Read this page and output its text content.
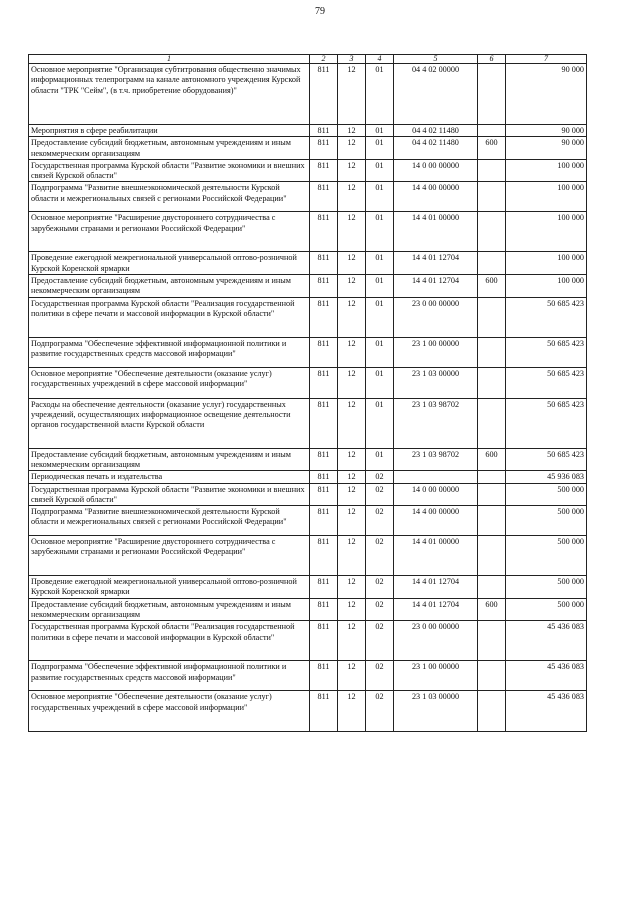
79
1	2	3	4	5	6	7
Основное мероприятие "Организация субтитрования общественно значимых информационных телепрограмм на канале автономного учреждения Курской области "ТРК "Сейм", (в т.ч. приобретение оборудования)"	811	12	01	04 4 02 00000		90 000
Мероприятия в сфере реабилитации	811	12	01	04 4 02 11480		90 000
Предоставление субсидий бюджетным, автономным учреждениям и иным некоммерческим организациям	811	12	01	04 4 02 11480	600	90 000
Государственная программа Курской области "Развитие экономики и внешних связей Курской области"	811	12	01	14 0 00 00000		100 000
Подпрограмма "Развитие внешнеэкономической деятельности Курской области и межрегиональных связей с регионами Российской Федерации"	811	12	01	14 4 00 00000		100 000
Основное мероприятие "Расширение двустороннего сотрудничества с зарубежными странами и регионами Российской Федерации"	811	12	01	14 4 01 00000		100 000
Проведение ежегодной межрегиональной универсальной оптово-розничной Курской Коренской ярмарки	811	12	01	14 4 01 12704		100 000
Предоставление субсидий бюджетным, автономным учреждениям и иным некоммерческим организациям	811	12	01	14 4 01 12704	600	100 000
Государственная программа Курской области "Реализация государственной политики в сфере печати и массовой информации в Курской области"	811	12	01	23 0 00 00000		50 685 423
Подпрограмма "Обеспечение эффективной информационной политики и развитие государственных средств массовой информации"	811	12	01	23 1 00 00000		50 685 423
Основное мероприятие "Обеспечение деятельности (оказание услуг) государственных учреждений в сфере массовой информации"	811	12	01	23 1 03 00000		50 685 423
Расходы на обеспечение деятельности (оказание услуг) государственных учреждений, осуществляющих информационное освещение деятельности органов государственной власти Курской области	811	12	01	23 1 03 98702		50 685 423
Предоставление субсидий бюджетным, автономным учреждениям и иным некоммерческим организациям	811	12	01	23 1 03 98702	600	50 685 423
Периодическая печать и издательства	811	12	02			45 936 083
Государственная программа Курской области "Развитие экономики и внешних связей Курской области"	811	12	02	14 0 00 00000		500 000
Подпрограмма "Развитие внешнеэкономической деятельности Курской области и межрегиональных связей с регионами Российской Федерации"	811	12	02	14 4 00 00000		500 000
Основное мероприятие "Расширение двустороннего сотрудничества с зарубежными странами и регионами Российской Федерации"	811	12	02	14 4 01 00000		500 000
Проведение ежегодной межрегиональной универсальной оптово-розничной Курской Коренской ярмарки	811	12	02	14 4 01 12704		500 000
Предоставление субсидий бюджетным, автономным учреждениям и иным некоммерческим организациям	811	12	02	14 4 01 12704	600	500 000
Государственная программа Курской области "Реализация государственной политики в сфере печати и массовой информации в Курской области"	811	12	02	23 0 00 00000		45 436 083
Подпрограмма "Обеспечение эффективной информационной политики и развитие государственных средств массовой информации"	811	12	02	23 1 00 00000		45 436 083
Основное мероприятие "Обеспечение деятельности (оказание услуг) государственных учреждений в сфере массовой информации"	811	12	02	23 1 03 00000		45 436 083
